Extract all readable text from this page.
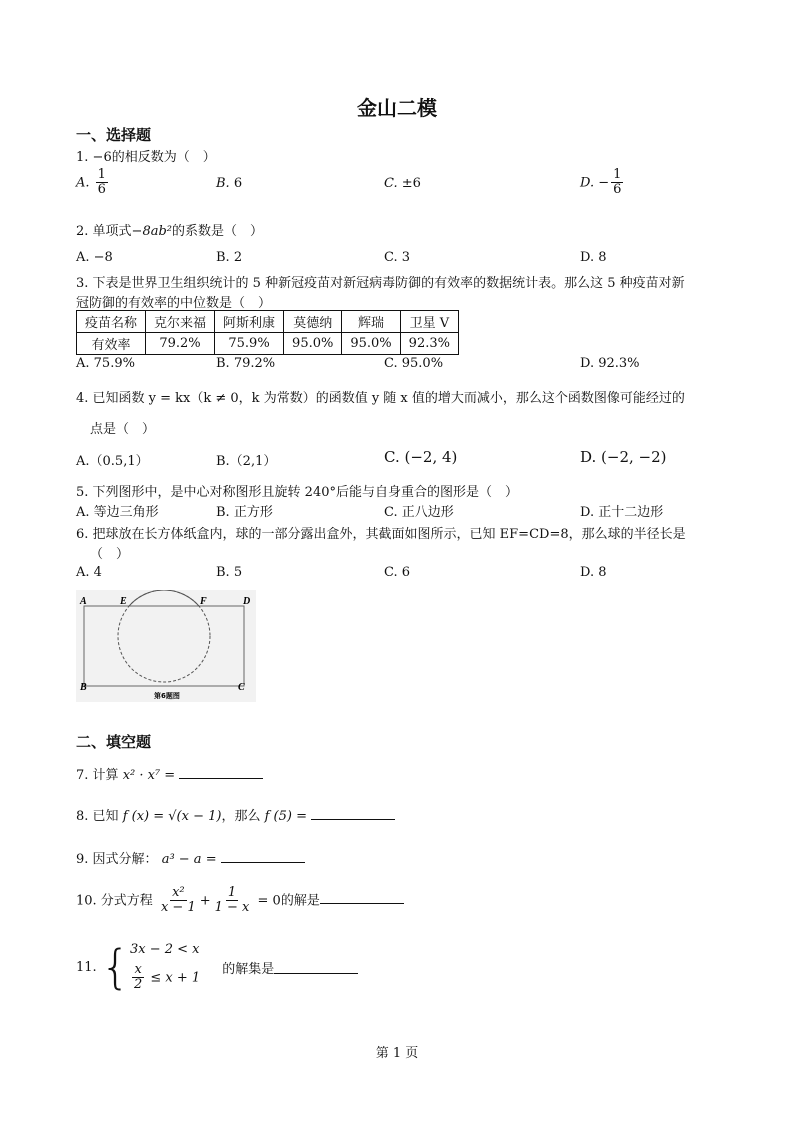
金山二模
一、选择题
1. −6的相反数为（　）
A. $\frac{1}{6}$	B. 6	C. ±6	D. − $\frac{1}{6}$
2. 单项式−8ab²的系数是（　）
A. −8	B. 2	C. 3	D. 8
3. 下表是世界卫生组织统计的 5 种新冠疫苗对新冠病毒防御的有效率的数据统计表。那么这 5 种疫苗对新
冠防御的有效率的中位数是（　）
疫苗名称	克尔来福	阿斯利康	莫德纳	辉瑞	卫星 V
有效率	79.2%	75.9%	95.0%	95.0%	92.3%
A. 75.9%	B. 79.2%	C. 95.0%	D. 92.3%
4. 已知函数 y = kx（k ≠ 0，k 为常数）的函数值 y 随 x 值的增大而减小，那么这个函数图像可能经过的
点是（　）
A.（0.5,1）	B.（2,1）	C. (−2, 4)	D. (−2, −2)
5. 下列图形中，是中心对称图形且旋转 240°后能与自身重合的图形是（　）
A. 等边三角形	B. 正方形	C. 正八边形	D. 正十二边形
6. 把球放在长方体纸盒内，球的一部分露出盒外，其截面如图所示，已知 EF=CD=8，那么球的半径长是
（　）
A. 4	B. 5	C. 6	D. 8
A	E	F	D
B	C
第6题图
二、填空题
7. 计算 x² · x⁷ =
8. 已知 f (x) = √(x − 1)，那么 f (5) =
9. 因式分解： a³ − a =
10. 分式方程 $\frac{\text{x²}}{x - 1} + \frac{1}{1 - x} = 0$的解是
11. { 3x − 2 < x
$\frac{x}{2} \le x + 1$
的解集是
第 1 页
